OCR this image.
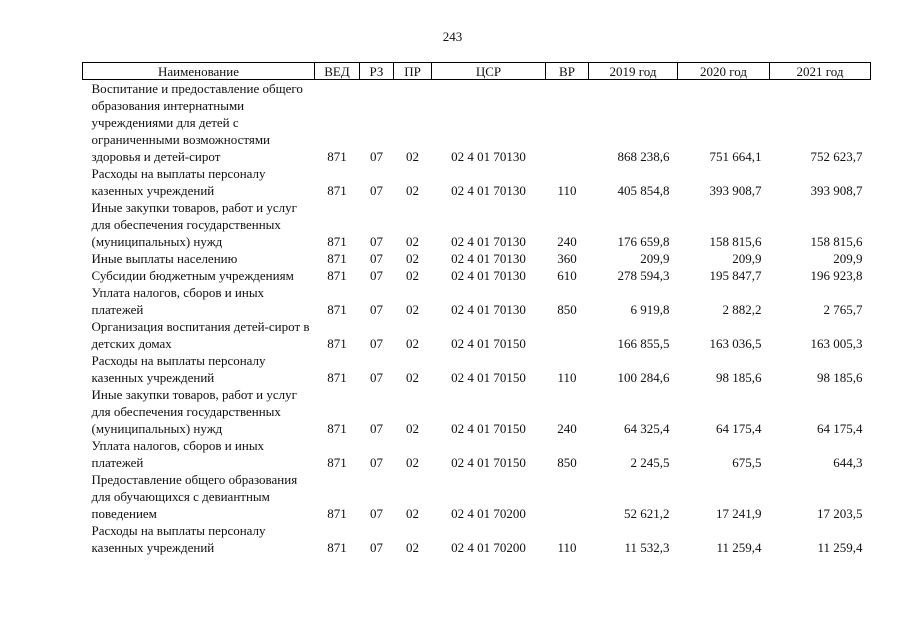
243
Наименование	ВЕД	РЗ	ПР	ЦСР	ВР	2019 год	2020 год	2021 год
Воспитание и предоставление общего образования интернатными учреждениями для детей с ограниченными возможностями здоровья и детей-сирот	871	07	02	02 4 01 70130		868 238,6	751 664,1	752 623,7
Расходы на выплаты персоналу казенных учреждений	871	07	02	02 4 01 70130	110	405 854,8	393 908,7	393 908,7
Иные закупки товаров, работ и услуг для обеспечения государственных (муниципальных) нужд	871	07	02	02 4 01 70130	240	176 659,8	158 815,6	158 815,6
Иные выплаты населению	871	07	02	02 4 01 70130	360	209,9	209,9	209,9
Субсидии бюджетным учреждениям	871	07	02	02 4 01 70130	610	278 594,3	195 847,7	196 923,8
Уплата налогов, сборов и иных платежей	871	07	02	02 4 01 70130	850	6 919,8	2 882,2	2 765,7
Организация воспитания детей-сирот в детских домах	871	07	02	02 4 01 70150		166 855,5	163 036,5	163 005,3
Расходы на выплаты персоналу казенных учреждений	871	07	02	02 4 01 70150	110	100 284,6	98 185,6	98 185,6
Иные закупки товаров, работ и услуг для обеспечения государственных (муниципальных) нужд	871	07	02	02 4 01 70150	240	64 325,4	64 175,4	64 175,4
Уплата налогов, сборов и иных платежей	871	07	02	02 4 01 70150	850	2 245,5	675,5	644,3
Предоставление общего образования для обучающихся с девиантным поведением	871	07	02	02 4 01 70200		52 621,2	17 241,9	17 203,5
Расходы на выплаты персоналу казенных учреждений	871	07	02	02 4 01 70200	110	11 532,3	11 259,4	11 259,4
